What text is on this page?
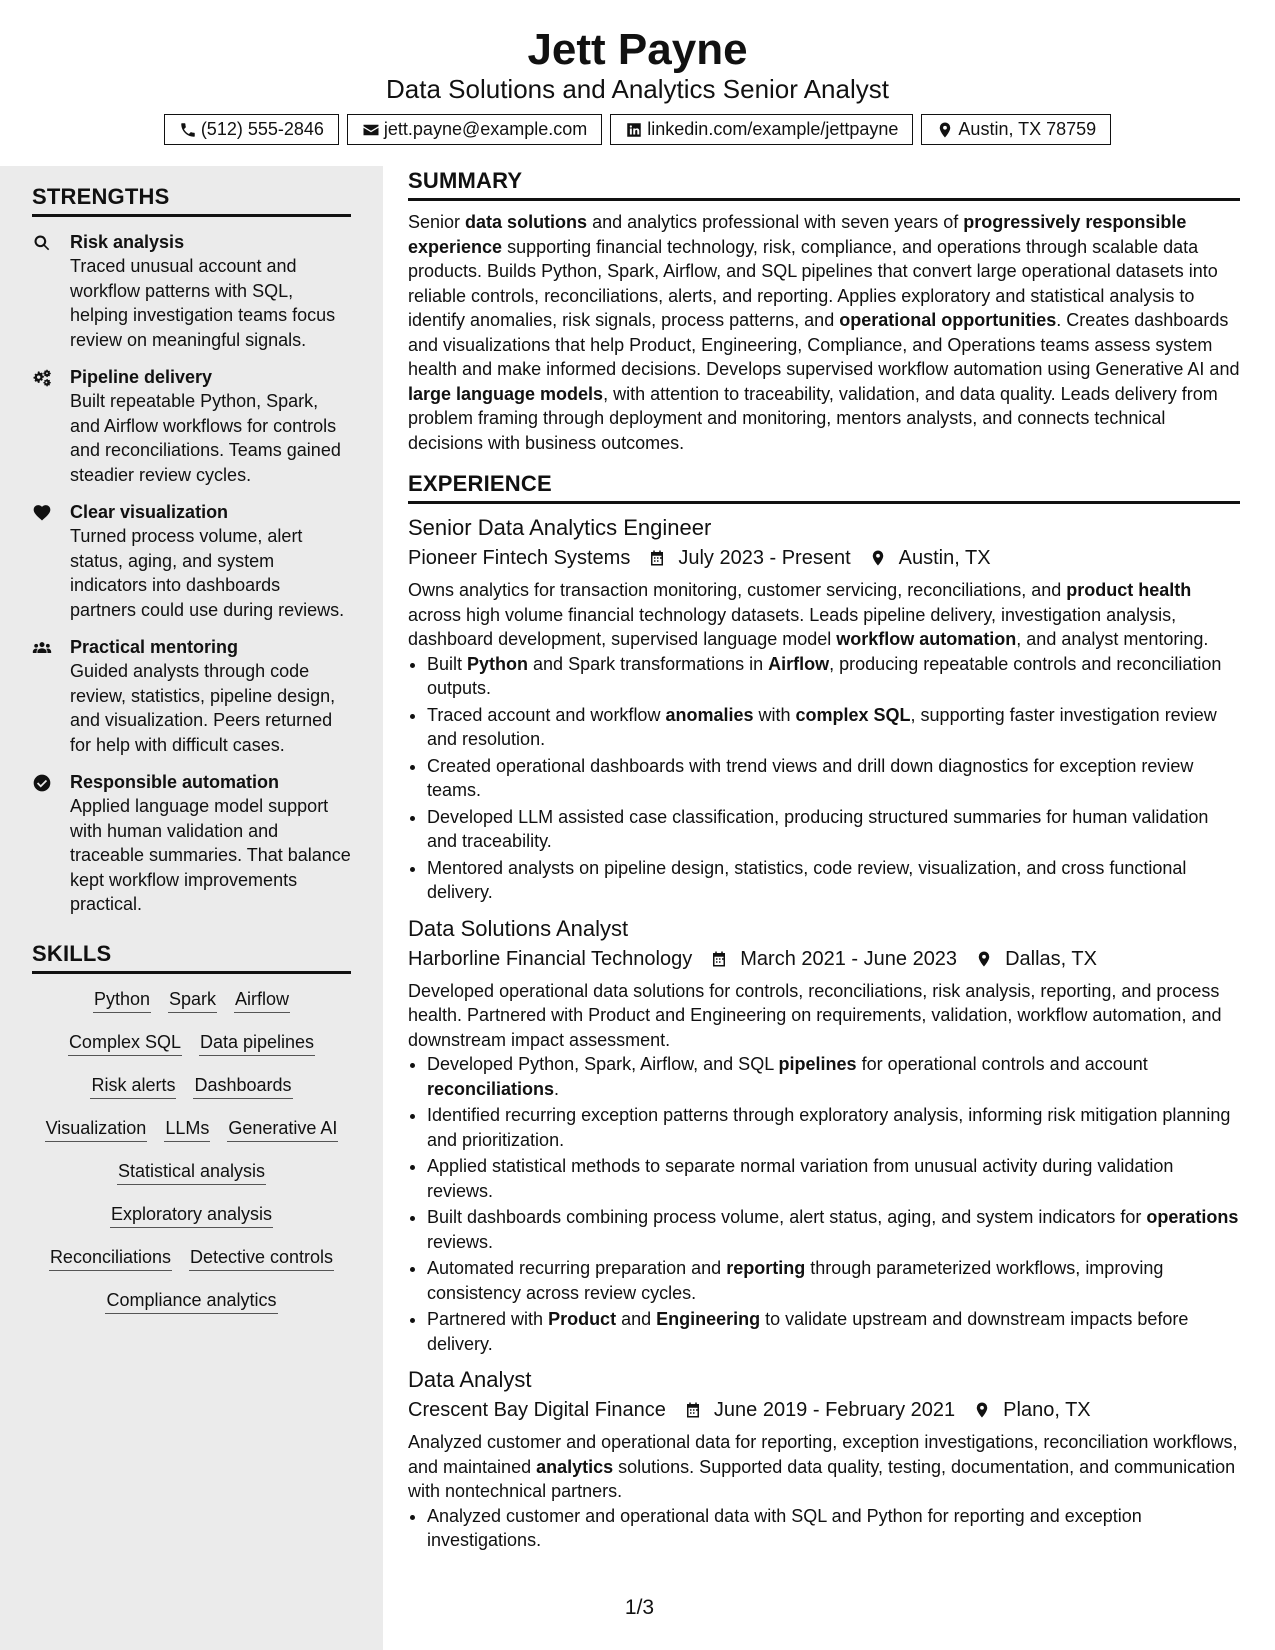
Jett Payne
Data Solutions and Analytics Senior Analyst
(512) 555-2846	jett.payne@example.com	linkedin.com/example/jettpayne	Austin, TX 78759
STRENGTHS
Risk analysis
Traced unusual account and workflow patterns with SQL, helping investigation teams focus review on meaningful signals.
Pipeline delivery
Built repeatable Python, Spark, and Airflow workflows for controls and reconciliations. Teams gained steadier review cycles.
Clear visualization
Turned process volume, alert status, aging, and system indicators into dashboards partners could use during reviews.
Practical mentoring
Guided analysts through code review, statistics, pipeline design, and visualization. Peers returned for help with difficult cases.
Responsible automation
Applied language model support with human validation and traceable summaries. That balance kept workflow improvements practical.
SKILLS
Python Spark Airflow
Complex SQL Data pipelines
Risk alerts Dashboards
Visualization LLMs Generative AI
Statistical analysis
Exploratory analysis
Reconciliations Detective controls
Compliance analytics
SUMMARY
Senior data solutions and analytics professional with seven years of progressively responsible experience supporting financial technology, risk, compliance, and operations through scalable data products. Builds Python, Spark, Airflow, and SQL pipelines that convert large operational datasets into reliable controls, reconciliations, alerts, and reporting. Applies exploratory and statistical analysis to identify anomalies, risk signals, process patterns, and operational opportunities. Creates dashboards and visualizations that help Product, Engineering, Compliance, and Operations teams assess system health and make informed decisions. Develops supervised workflow automation using Generative AI and large language models, with attention to traceability, validation, and data quality. Leads delivery from problem framing through deployment and monitoring, mentors analysts, and connects technical decisions with business outcomes.
EXPERIENCE
Senior Data Analytics Engineer
Pioneer Fintech Systems July 2023 - Present Austin, TX
Owns analytics for transaction monitoring, customer servicing, reconciliations, and product health across high volume financial technology datasets. Leads pipeline delivery, investigation analysis, dashboard development, supervised language model workflow automation, and analyst mentoring.
• Built Python and Spark transformations in Airflow, producing repeatable controls and reconciliation outputs.
• Traced account and workflow anomalies with complex SQL, supporting faster investigation review and resolution.
• Created operational dashboards with trend views and drill down diagnostics for exception review teams.
• Developed LLM assisted case classification, producing structured summaries for human validation and traceability.
• Mentored analysts on pipeline design, statistics, code review, visualization, and cross functional delivery.
Data Solutions Analyst
Harborline Financial Technology March 2021 - June 2023 Dallas, TX
Developed operational data solutions for controls, reconciliations, risk analysis, reporting, and process health. Partnered with Product and Engineering on requirements, validation, workflow automation, and downstream impact assessment.
• Developed Python, Spark, Airflow, and SQL pipelines for operational controls and account reconciliations.
• Identified recurring exception patterns through exploratory analysis, informing risk mitigation planning and prioritization.
• Applied statistical methods to separate normal variation from unusual activity during validation reviews.
• Built dashboards combining process volume, alert status, aging, and system indicators for operations reviews.
• Automated recurring preparation and reporting through parameterized workflows, improving consistency across review cycles.
• Partnered with Product and Engineering to validate upstream and downstream impacts before delivery.
Data Analyst
Crescent Bay Digital Finance June 2019 - February 2021 Plano, TX
Analyzed customer and operational data for reporting, exception investigations, reconciliation workflows, and maintained analytics solutions. Supported data quality, testing, documentation, and communication with nontechnical partners.
• Analyzed customer and operational data with SQL and Python for reporting and exception investigations.
1/3
